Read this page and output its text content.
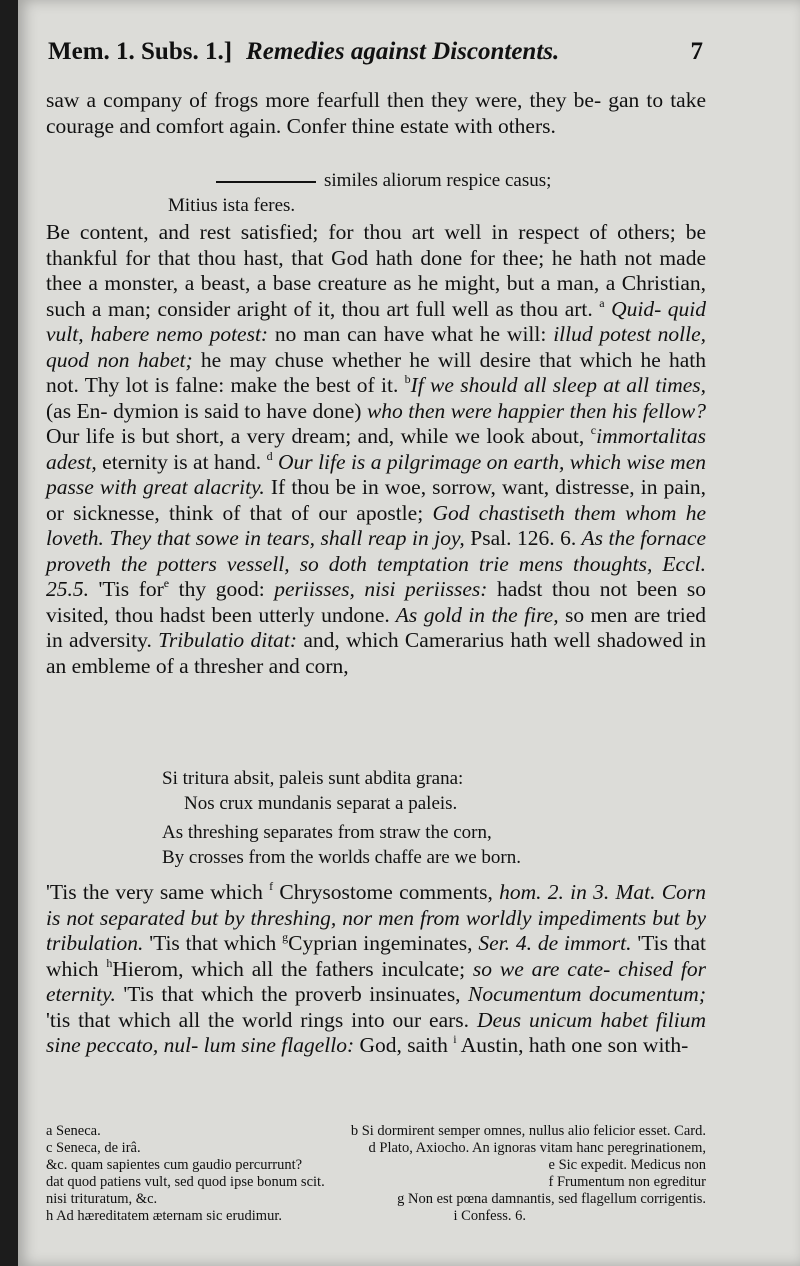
Mem. 1. Subs. 1.] Remedies against Discontents.	7

saw a company of frogs more fearfull then they were, they be- gan to take courage and comfort again. Confer thine estate with others.

similes aliorum respice casus;
Mitius ista feres.

Be content, and rest satisfied; for thou art well in respect of others; be thankful for that thou hast, that God hath done for thee; he hath not made thee a monster, a beast, a base creature as he might, but a man, a Christian, such a man; consider aright of it, thou art full well as thou art. $^a$ Quid- quid vult, habere nemo potest: no man can have what he will: illud potest nolle, quod non habet; he may chuse whether he will desire that which he hath not. Thy lot is falne: make the best of it. $^b$If we should all sleep at all times, (as En- dymion is said to have done) who then were happier then his fellow? Our life is but short, a very dream; and, while we look about, $^c$immortalitas adest, eternity is at hand. $^d$ Our life is a pilgrimage on earth, which wise men passe with great alacrity. If thou be in woe, sorrow, want, distresse, in pain, or sicknesse, think of that of our apostle; God chastiseth them whom he loveth. They that sowe in tears, shall reap in joy, Psal. 126. 6. As the fornace proveth the potters vessell, so doth temptation trie mens thoughts, Eccl. 25.5. 'Tis for$^e$ thy good: periisses, nisi periisses: hadst thou not been so visited, thou hadst been utterly undone. As gold in the fire, so men are tried in adversity. Tribulatio ditat: and, which Camerarius hath well shadowed in an embleme of a thresher and corn,

Si tritura absit, paleis sunt abdita grana:
Nos crux mundanis separat a paleis.
As threshing separates from straw the corn,
By crosses from the worlds chaffe are we born.

'Tis the very same which $^f$ Chrysostome comments, hom. 2. in 3. Mat. Corn is not separated but by threshing, nor men from worldly impediments but by tribulation. 'Tis that which $^g$Cyprian ingeminates, Ser. 4. de immort. 'Tis that which $^h$Hierom, which all the fathers inculcate; so we are cate- chised for eternity. 'Tis that which the proverb insinuates, Nocumentum documentum; 'tis that which all the world rings into our ears. Deus unicum habet filium sine peccato, nul- lum sine flagello: God, saith $^i$ Austin, hath one son with-

a Seneca.	b Si dormirent semper omnes, nullus alio felicior esset. Card.
c Seneca, de irâ.	d Plato, Axiocho. An ignoras vitam hanc peregrinationem,
&c. quam sapientes cum gaudio percurrunt?	e Sic expedit. Medicus non
dat quod patiens vult, sed quod ipse bonum scit.	f Frumentum non egreditur
nisi trituratum, &c.	g Non est pœna damnantis, sed flagellum corrigentis.
h Ad hæreditatem æternam sic erudimur.	i Confess. 6.
